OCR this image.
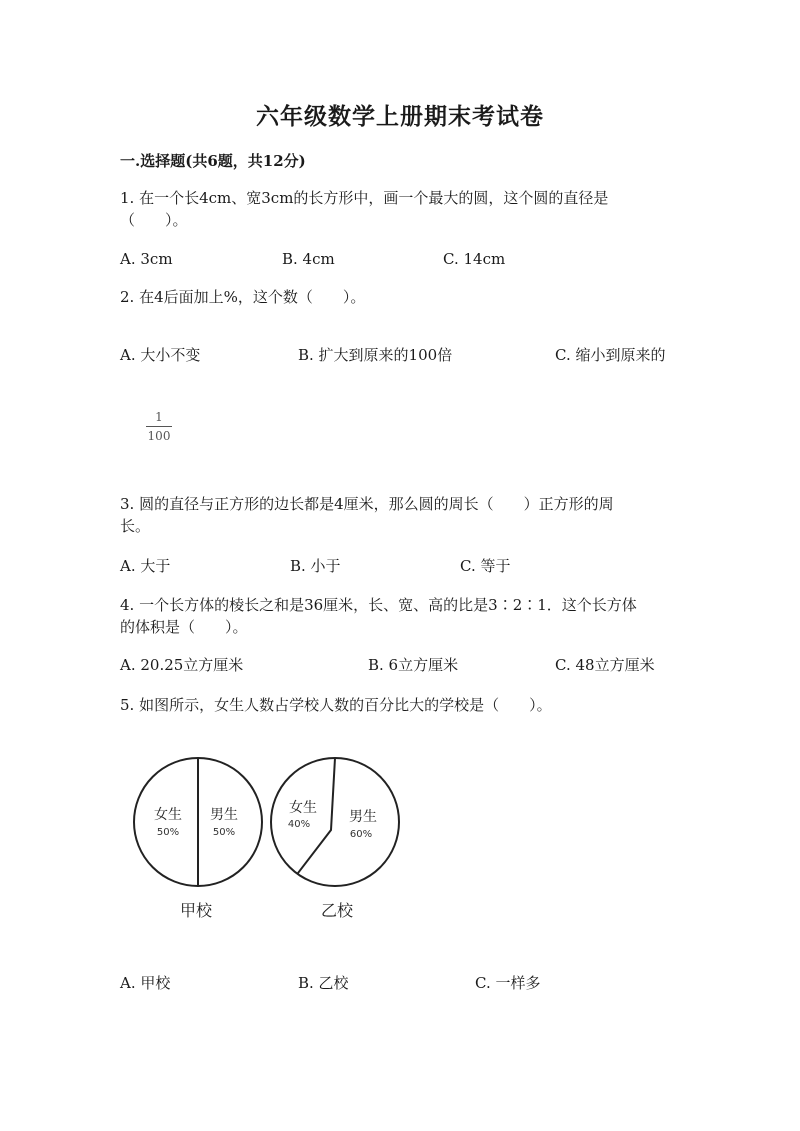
六年级数学上册期末考试卷
一.选择题(共6题，共12分)
1. 在一个长4cm、宽3cm的长方形中，画一个最大的圆，这个圆的直径是
（　　）。
A. 3cm	B. 4cm	C. 14cm
2. 在4后面加上%，这个数（　　）。
A. 大小不变	B. 扩大到原来的100倍	C. 缩小到原来的
1
100
3. 圆的直径与正方形的边长都是4厘米，那么圆的周长（　　）正方形的周
长。
A. 大于	B. 小于	C. 等于
4. 一个长方体的棱长之和是36厘米，长、宽、高的比是3∶2∶1．这个长方体
的体积是（　　）。
A. 20.25立方厘米	B. 6立方厘米	C. 48立方厘米
5. 如图所示，女生人数占学校人数的百分比大的学校是（　　）。
女生
50%
男生
50%
甲校
女生
40%	男生
60%
乙校
A. 甲校	B. 乙校	C. 一样多
